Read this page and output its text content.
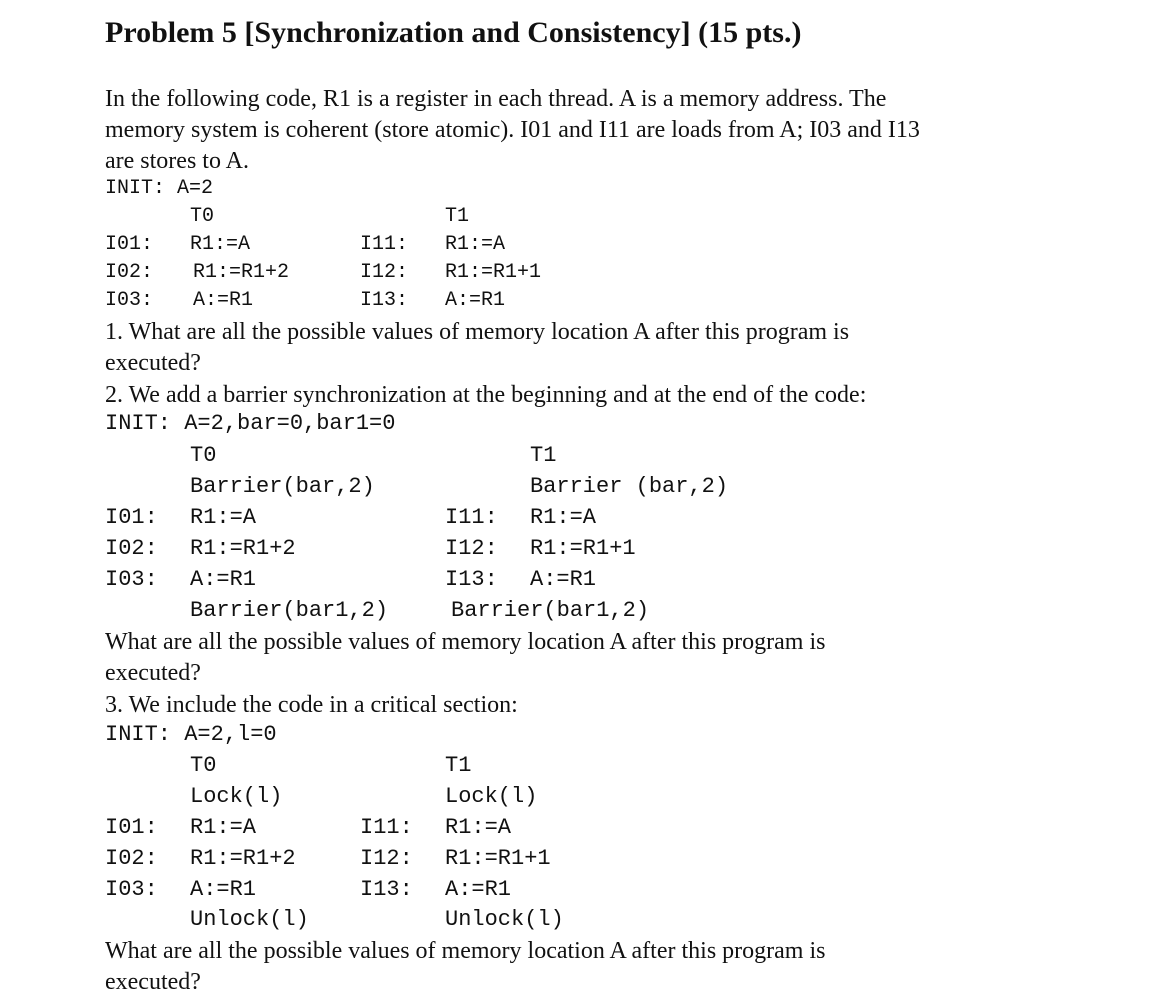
Problem 5 [Synchronization and Consistency] (15 pts.)
In the following code, R1 is a register in each thread. A is a memory address. The
memory system is coherent (store atomic). I01 and I11 are loads from A; I03 and I13
are stores to A.
INIT: A=2
T0	T1
I01: R1:=A	I11: R1:=A
I02: R1:=R1+2	I12: R1:=R1+1
I03: A:=R1	I13: A:=R1
1. What are all the possible values of memory location A after this program is
executed?
2. We add a barrier synchronization at the beginning and at the end of the code:
INIT: A=2,bar=0,bar1=0
T0	T1
Barrier(bar,2)	Barrier (bar,2)
I01: R1:=A	I11: R1:=A
I02: R1:=R1+2	I12: R1:=R1+1
I03: A:=R1	I13: A:=R1
Barrier(bar1,2)	Barrier(bar1,2)
What are all the possible values of memory location A after this program is
executed?
3. We include the code in a critical section:
INIT: A=2,l=0
T0	T1
Lock(l)	Lock(l)
I01: R1:=A	I11: R1:=A
I02: R1:=R1+2	I12: R1:=R1+1
I03: A:=R1	I13: A:=R1
Unlock(l)	Unlock(l)
What are all the possible values of memory location A after this program is
executed?
